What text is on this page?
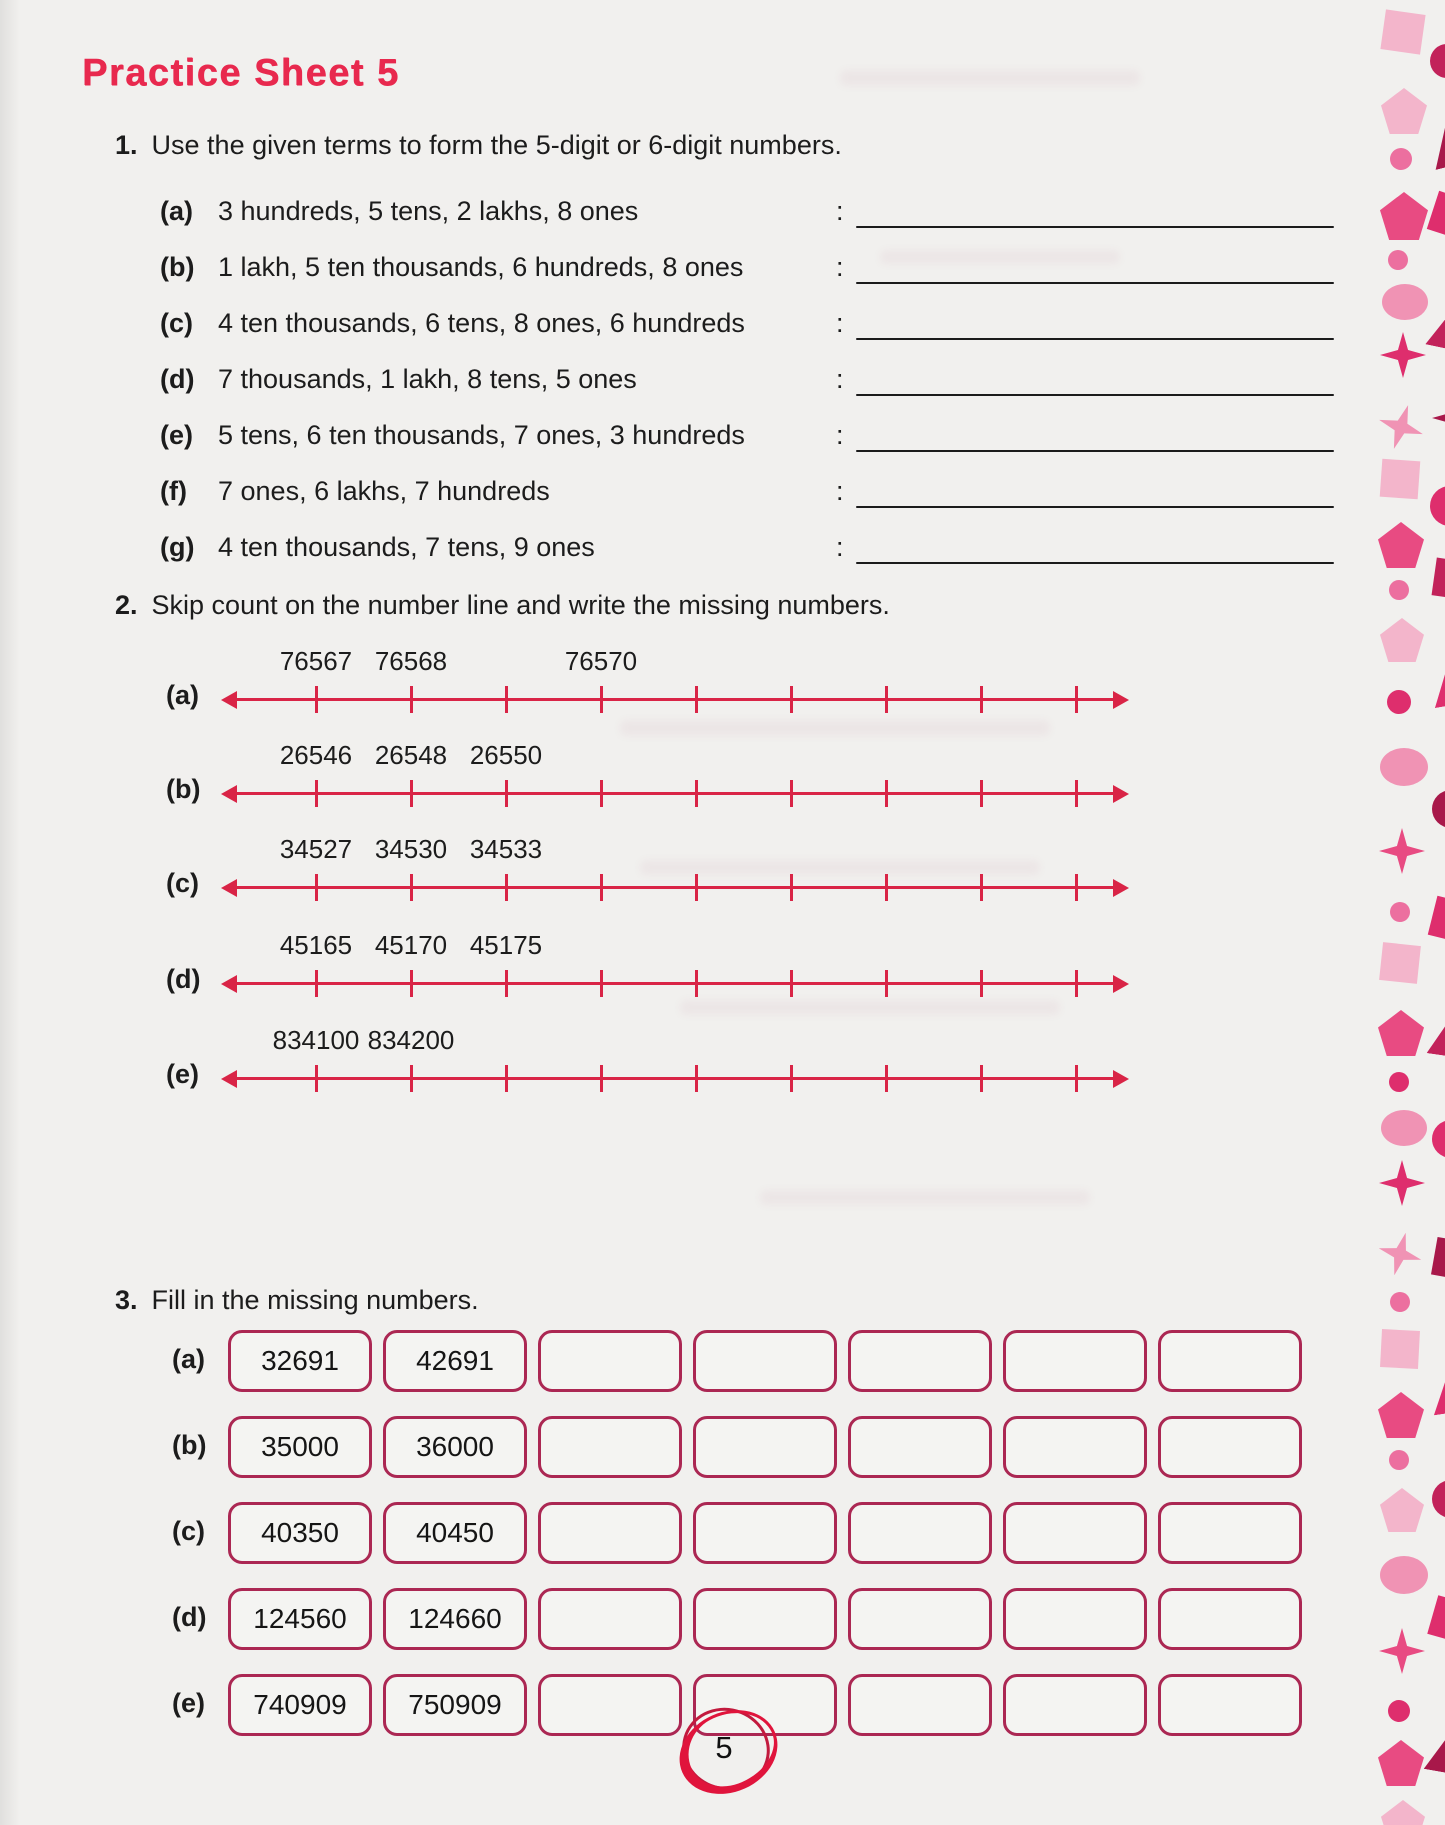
Practice Sheet 5
1. Use the given terms to form the 5-digit or 6-digit numbers.
(a) 3 hundreds, 5 tens, 2 lakhs, 8 ones	:
(b) 1 lakh, 5 ten thousands, 6 hundreds, 8 ones	:
(c) 4 ten thousands, 6 tens, 8 ones, 6 hundreds	:
(d) 7 thousands, 1 lakh, 8 tens, 5 ones	:
(e) 5 tens, 6 ten thousands, 7 ones, 3 hundreds	:
(f) 7 ones, 6 lakhs, 7 hundreds	:
(g) 4 ten thousands, 7 tens, 9 ones	:
2. Skip count on the number line and write the missing numbers.
(a)
76567 76568	76570
(b)
26546 26548 26550
(c)
34527 34530 34533
(d)
45165 45170 45175
(e)
834100 834200
3. Fill in the missing numbers.
(a)	32691	42691
(b)	35000	36000
(c)	40350	40450
(d)	124560	124660
(e)	740909	750909
5
